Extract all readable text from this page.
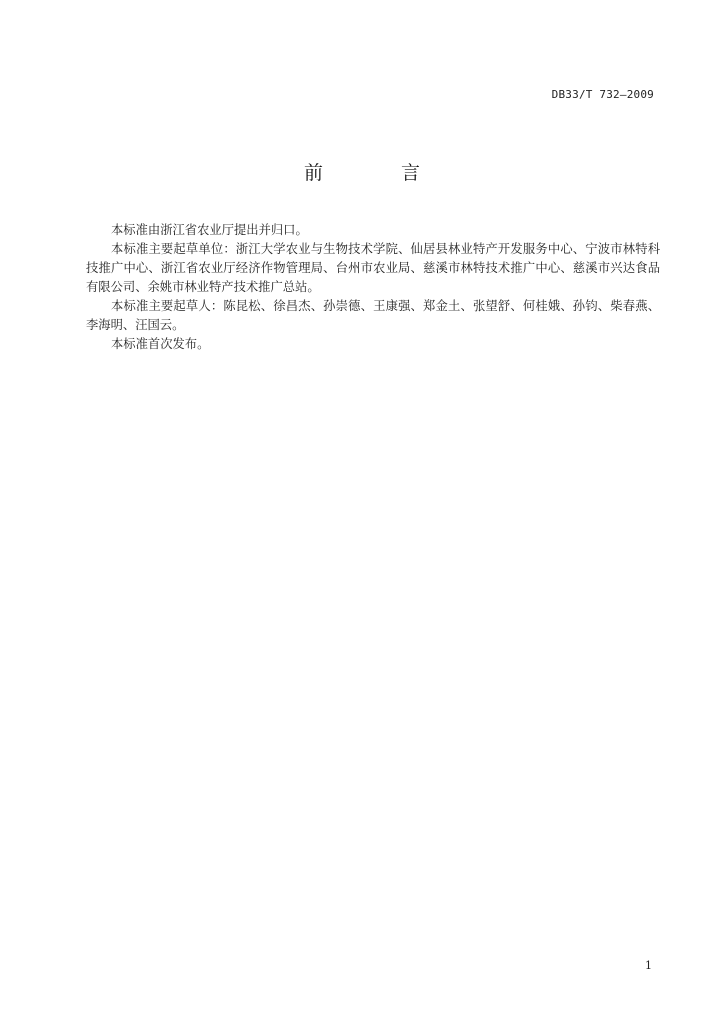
DB33/T 732—2009
前 言

本标准由浙江省农业厅提出并归口。

本标准主要起草单位：浙江大学农业与生物技术学院、仙居县林业特产开发服务中心、宁波市林特科技推广中心、浙江省农业厅经济作物管理局、台州市农业局、慈溪市林特技术推广中心、慈溪市兴达食品有限公司、余姚市林业特产技术推广总站。

本标准主要起草人：陈昆松、徐昌杰、孙崇德、王康强、郑金土、张望舒、何桂娥、孙钧、柴春燕、李海明、汪国云。

本标准首次发布。

1
